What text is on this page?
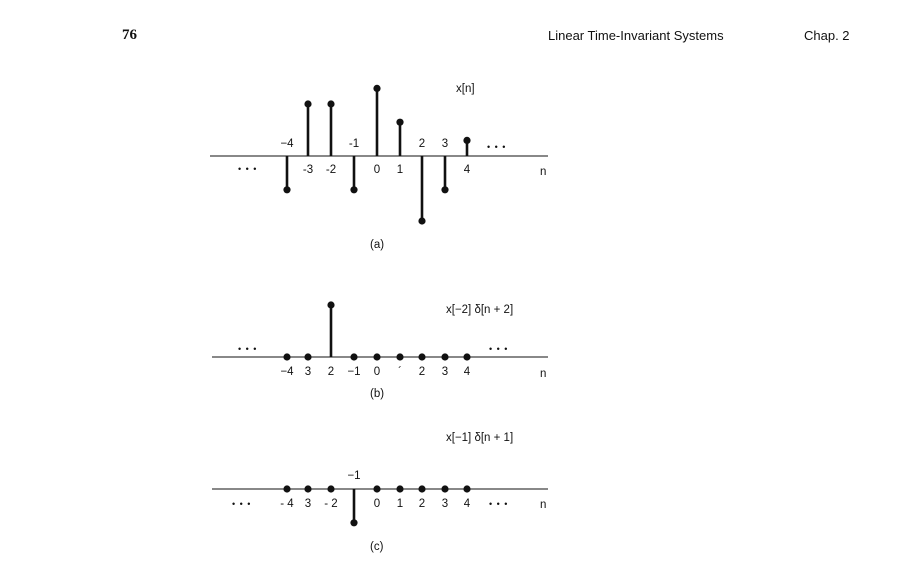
76	Linear Time-Invariant Systems	Chap. 2
−4
-3 -2
-1
0 1
2 3
4
x[n]
n
• • •
• • •
(a)
−4 3 2 −1 0 ´ 2 3 4
x[−2] δ[n + 2]
n
• • •	• • •
(b)
- 4 3 - 2
−1
0 1 2 3 4
x[−1] δ[n + 1]
n
• • •	• • •
(c)
